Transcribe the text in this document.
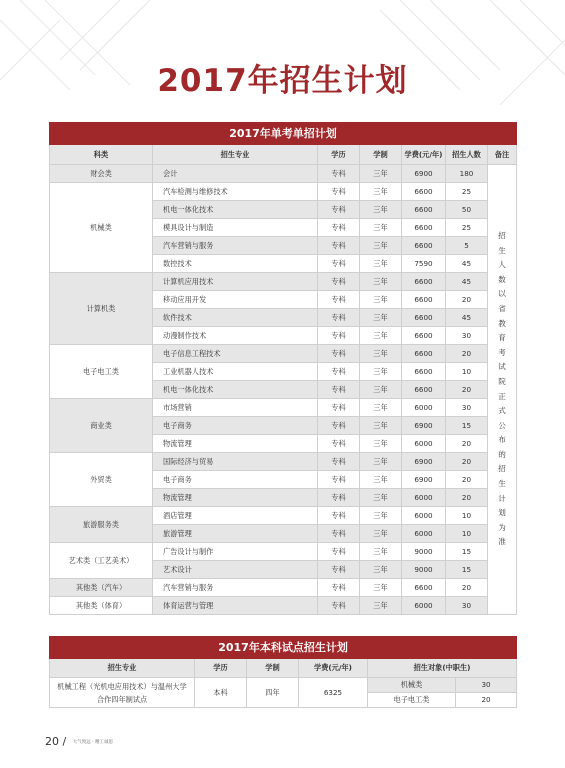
2017年招生计划
2017年单考单招计划						
科类	招生专业	学历	学制	学费(元/年)	招生人数	备注
财会类	会计	专科	三年	6900	180	招生人数以省教育考试院正式公布的招生计划为准

机械类	汽车检测与维修技术	专科	三年	6600	25	
	机电一体化技术	专科	三年	6600	50	
	模具设计与制造	专科	三年	6600	25	
	汽车营销与服务	专科	三年	6600	5	
	数控技术	专科	三年	7590	45	
计算机类	计算机应用技术	专科	三年	6600	45	
	移动应用开发	专科	三年	6600	20	
	软件技术	专科	三年	6600	45	
	动漫制作技术	专科	三年	6600	30	
电子电工类	电子信息工程技术	专科	三年	6600	20	
	工业机器人技术	专科	三年	6600	10	
	机电一体化技术	专科	三年	6600	20	
商业类	市场营销	专科	三年	6000	30	
	电子商务	专科	三年	6900	15	
	物流管理	专科	三年	6000	20	
外贸类	国际经济与贸易	专科	三年	6900	20	
	电子商务	专科	三年	6900	20	
	物流管理	专科	三年	6000	20	
旅游服务类	酒店管理	专科	三年	6000	10	
	旅游管理	专科	三年	6000	10	
艺术类（工艺美术）	广告设计与制作	专科	三年	9000	15	
	艺术设计	专科	三年	9000	15	
其他类（汽车）	汽车营销与服务	专科	三年	6600	20	
其他类（体育）	体育运营与管理	专科	三年	6000	30	
2017年本科试点招生计划					
招生专业	学历	学制	学费(元/年)	招生对象(中职生)	
机械工程（光机电应用技术）与温州大学合作四年制试点	本科	四年	6325	机械类	30
				电子电工类	20
20 / 大气致远 · 精工诚思
